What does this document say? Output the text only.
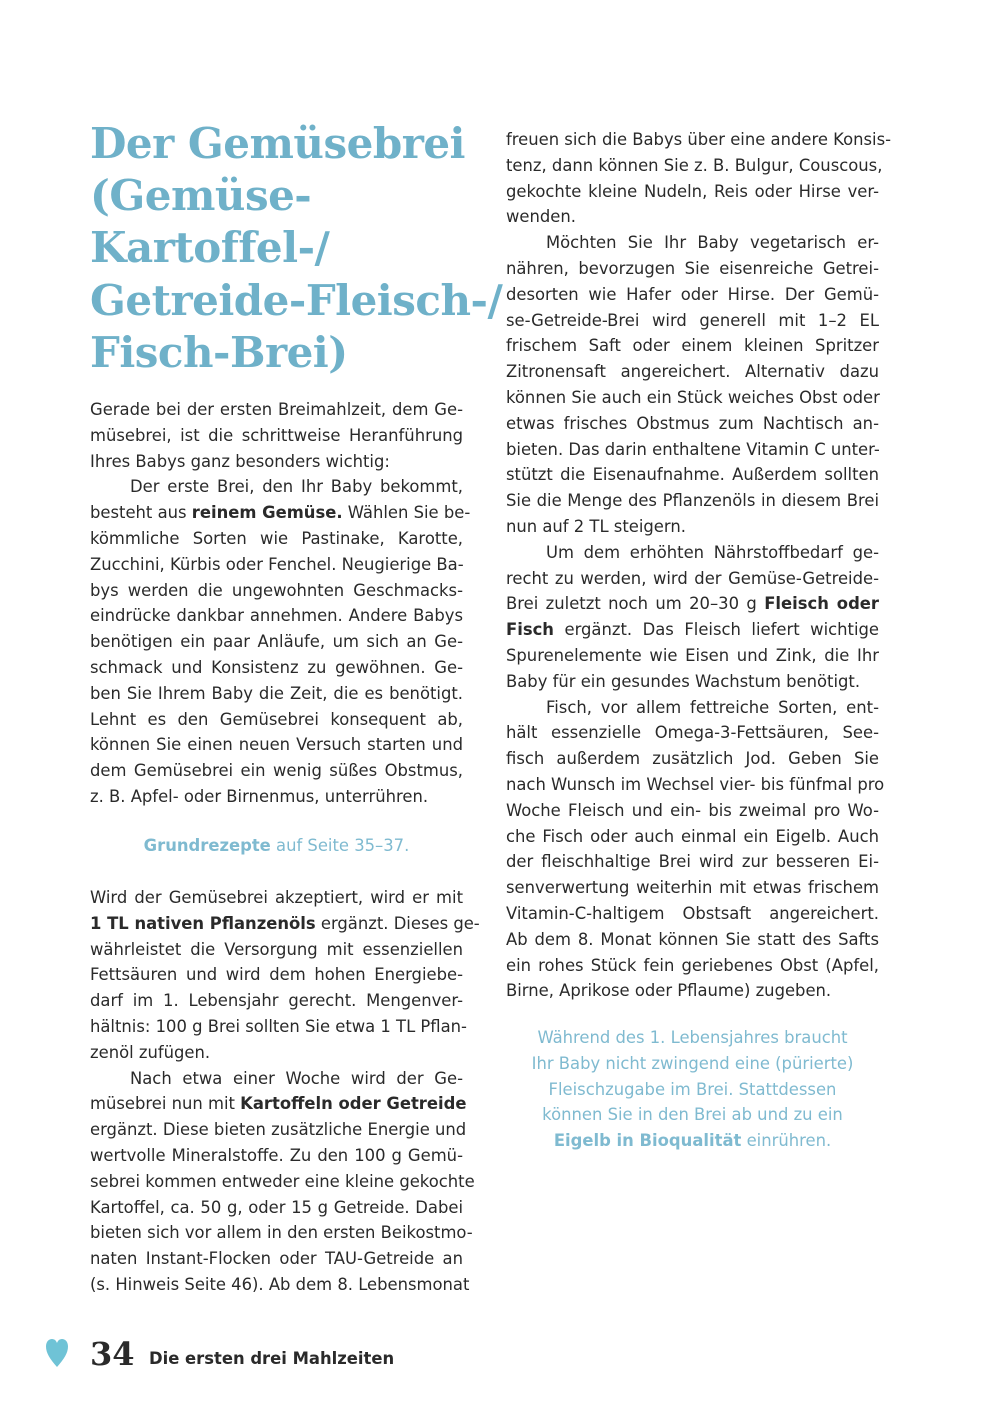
Der Gemüsebrei
(Gemüse-
Kartoffel-/
Getreide-Fleisch-/
Fisch-Brei)
Gerade bei der ersten Breimahlzeit, dem Ge-
müsebrei, ist die schrittweise Heranführung
Ihres Babys ganz besonders wichtig:
Der erste Brei, den Ihr Baby bekommt,
besteht aus reinem Gemüse. Wählen Sie be-
kömmliche Sorten wie Pastinake, Karotte,
Zucchini, Kürbis oder Fenchel. Neugierige Ba-
bys werden die ungewohnten Geschmacks-
eindrücke dankbar annehmen. Andere Babys
benötigen ein paar Anläufe, um sich an Ge-
schmack und Konsistenz zu gewöhnen. Ge-
ben Sie Ihrem Baby die Zeit, die es benötigt.
Lehnt es den Gemüsebrei konsequent ab,
können Sie einen neuen Versuch starten und
dem Gemüsebrei ein wenig süßes Obstmus,
z. B. Apfel- oder Birnenmus, unterrühren.
Wird der Gemüsebrei akzeptiert, wird er mit
1 TL nativen Pflanzenöls ergänzt. Dieses ge-
währleistet die Versorgung mit essenziellen
Fettsäuren und wird dem hohen Energiebe-
darf im 1. Lebensjahr gerecht. Mengenver-
hältnis: 100 g Brei sollten Sie etwa 1 TL Pflan-
zenöl zufügen.
Nach etwa einer Woche wird der Ge-
müsebrei nun mit Kartoffeln oder Getreide
ergänzt. Diese bieten zusätzliche Energie und
wertvolle Mineralstoffe. Zu den 100 g Gemü-
sebrei kommen entweder eine kleine gekochte
Kartoffel, ca. 50 g, oder 15 g Getreide. Dabei
bieten sich vor allem in den ersten Beikostmo-
naten Instant-Flocken oder TAU-Getreide an
(s. Hinweis Seite 46). Ab dem 8. Lebensmonat
freuen sich die Babys über eine andere Konsis-
tenz, dann können Sie z. B. Bulgur, Couscous,
gekochte kleine Nudeln, Reis oder Hirse ver-
wenden.
Möchten Sie Ihr Baby vegetarisch er-
nähren, bevorzugen Sie eisenreiche Getrei-
desorten wie Hafer oder Hirse. Der Gemü-
se-Getreide-Brei wird generell mit 1–2 EL
frischem Saft oder einem kleinen Spritzer
Zitronensaft angereichert. Alternativ dazu
können Sie auch ein Stück weiches Obst oder
etwas frisches Obstmus zum Nachtisch an-
bieten. Das darin enthaltene Vitamin C unter-
stützt die Eisenaufnahme. Außerdem sollten
Sie die Menge des Pflanzenöls in diesem Brei
nun auf 2 TL steigern.
Um dem erhöhten Nährstoffbedarf ge-
recht zu werden, wird der Gemüse-Getreide-
Brei zuletzt noch um 20–30 g Fleisch oder
Fisch ergänzt. Das Fleisch liefert wichtige
Spurenelemente wie Eisen und Zink, die Ihr
Baby für ein gesundes Wachstum benötigt.
Fisch, vor allem fettreiche Sorten, ent-
hält essenzielle Omega-3-Fettsäuren, See-
fisch außerdem zusätzlich Jod. Geben Sie
nach Wunsch im Wechsel vier- bis fünfmal pro
Woche Fleisch und ein- bis zweimal pro Wo-
che Fisch oder auch einmal ein Eigelb. Auch
der fleischhaltige Brei wird zur besseren Ei-
senverwertung weiterhin mit etwas frischem
Vitamin-C-haltigem Obstsaft angereichert.
Ab dem 8. Monat können Sie statt des Safts
ein rohes Stück fein geriebenes Obst (Apfel,
Birne, Aprikose oder Pflaume) zugeben.
Grundrezepte auf Seite 35–37.
Während des 1. Lebensjahres braucht
Ihr Baby nicht zwingend eine (pürierte)
Fleischzugabe im Brei. Stattdessen
können Sie in den Brei ab und zu ein
Eigelb in Bioqualität einrühren.
34 Die ersten drei Mahlzeiten
